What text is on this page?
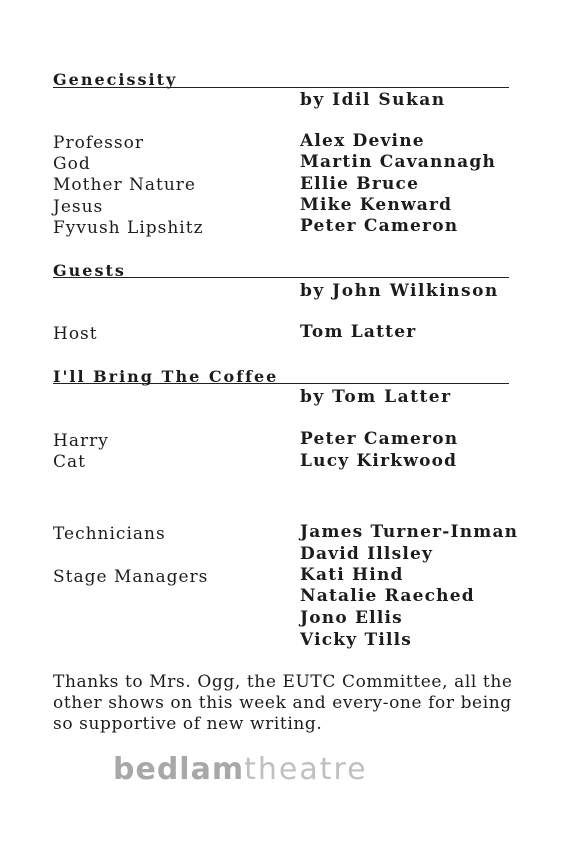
Genecissity
by Idil Sukan
Professor	Alex Devine
God	Martin Cavannagh
Mother Nature	Ellie Bruce
Jesus	Mike Kenward
Fyvush Lipshitz	Peter Cameron
Guests
by John Wilkinson
Host	Tom Latter
I'll Bring The Coffee
by Tom Latter
Harry	Peter Cameron
Cat	Lucy Kirkwood
Technicians	James Turner-Inman
David Illsley
Stage Managers	Kati Hind
Natalie Raeched
Jono Ellis
Vicky Tills
Thanks to Mrs. Ogg, the EUTC Committee, all the other shows on this week and every-one for being so supportive of new writing.
bedlamtheatre
